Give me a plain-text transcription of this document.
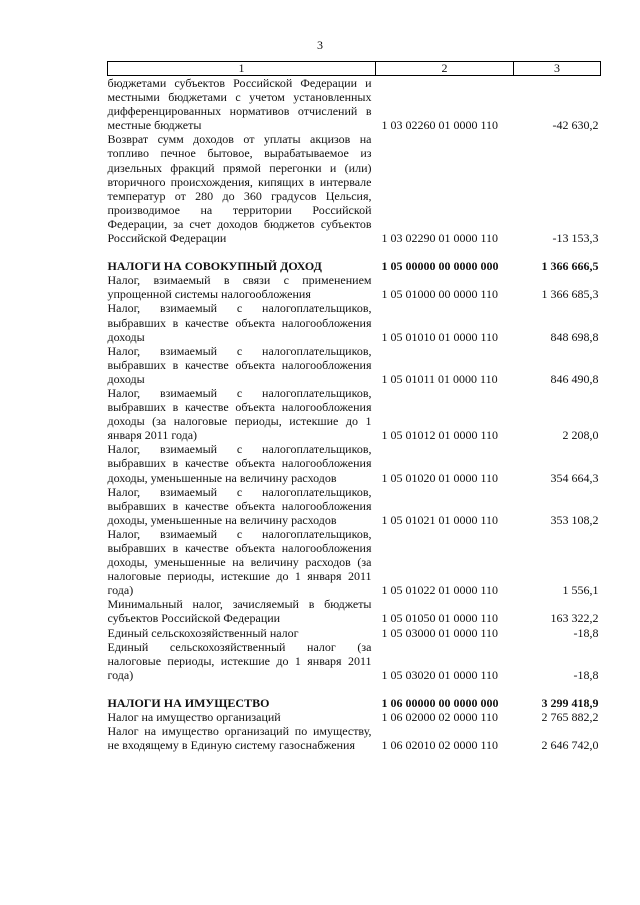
3
1	2	3
бюджетами субъектов Российской Федерации и местными бюджетами с учетом установленных дифференцированных нормативов отчислений в местные бюджеты	1 03 02260 01 0000 110	-42 630,2
Возврат сумм доходов от уплаты акцизов на топливо печное бытовое, вырабатываемое из дизельных фракций прямой перегонки и (или) вторичного происхождения, кипящих в интервале температур от 280 до 360 градусов Цельсия, производимое на территории Российской Федерации, за счет доходов бюджетов субъектов Российской Федерации	1 03 02290 01 0000 110	-13 153,3
НАЛОГИ НА СОВОКУПНЫЙ ДОХОД	1 05 00000 00 0000 000	1 366 666,5
Налог, взимаемый в связи с применением упрощенной системы налогообложения	1 05 01000 00 0000 110	1 366 685,3
Налог, взимаемый с налогоплательщиков, выбравших в качестве объекта налогообложения доходы	1 05 01010 01 0000 110	848 698,8
Налог, взимаемый с налогоплательщиков, выбравших в качестве объекта налогообложения доходы	1 05 01011 01 0000 110	846 490,8
Налог, взимаемый с налогоплательщиков, выбравших в качестве объекта налогообложения доходы (за налоговые периоды, истекшие до 1 января 2011 года)	1 05 01012 01 0000 110	2 208,0
Налог, взимаемый с налогоплательщиков, выбравших в качестве объекта налогообложения доходы, уменьшенные на величину расходов	1 05 01020 01 0000 110	354 664,3
Налог, взимаемый с налогоплательщиков, выбравших в качестве объекта налогообложения доходы, уменьшенные на величину расходов	1 05 01021 01 0000 110	353 108,2
Налог, взимаемый с налогоплательщиков, выбравших в качестве объекта налогообложения доходы, уменьшенные на величину расходов (за налоговые периоды, истекшие до 1 января 2011 года)	1 05 01022 01 0000 110	1 556,1
Минимальный налог, зачисляемый в бюджеты субъектов Российской Федерации	1 05 01050 01 0000 110	163 322,2
Единый сельскохозяйственный налог	1 05 03000 01 0000 110	-18,8
Единый сельскохозяйственный налог (за налоговые периоды, истекшие до 1 января 2011 года)	1 05 03020 01 0000 110	-18,8
НАЛОГИ НА ИМУЩЕСТВО	1 06 00000 00 0000 000	3 299 418,9
Налог на имущество организаций	1 06 02000 02 0000 110	2 765 882,2
Налог на имущество организаций по имуществу, не входящему в Единую систему газоснабжения	1 06 02010 02 0000 110	2 646 742,0
